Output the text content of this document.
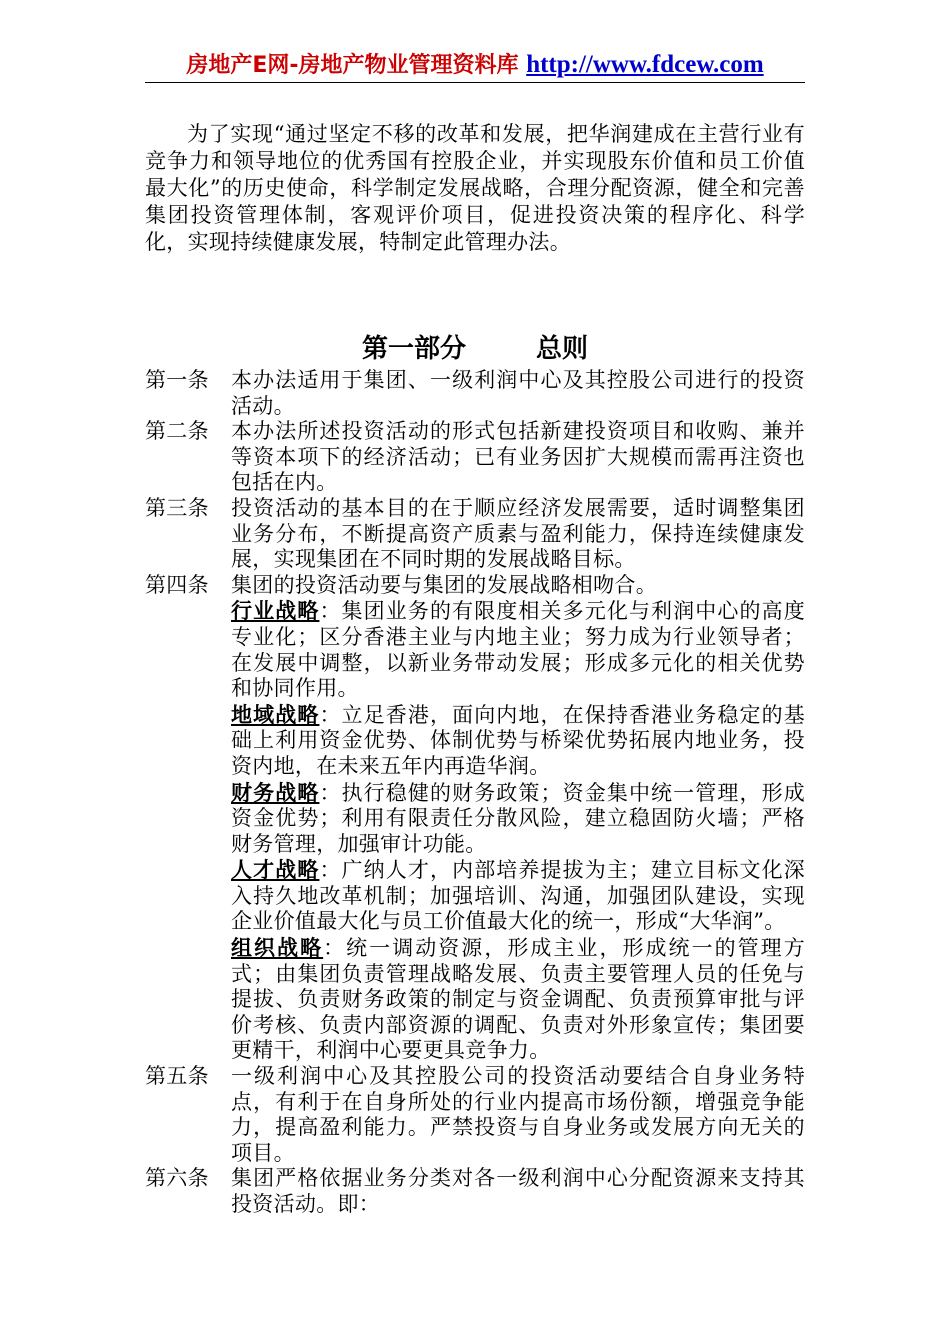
房地产E网-房地产物业管理资料库 http://www.fdcew.com

为了实现“通过坚定不移的改革和发展，把华润建成在主营行业有竞争力和领导地位的优秀国有控股企业，并实现股东价值和员工价值最大化”的历史使命，科学制定发展战略，合理分配资源，健全和完善集团投资管理体制，客观评价项目，促进投资决策的程序化、科学化，实现持续健康发展，特制定此管理办法。

第一部分	总则
第一条	本办法适用于集团、一级利润中心及其控股公司进行的投资活动。
第二条	本办法所述投资活动的形式包括新建投资项目和收购、兼并等资本项下的经济活动；已有业务因扩大规模而需再注资也包括在内。
第三条	投资活动的基本目的在于顺应经济发展需要，适时调整集团业务分布，不断提高资产质素与盈利能力，保持连续健康发展，实现集团在不同时期的发展战略目标。
第四条	集团的投资活动要与集团的发展战略相吻合。
行业战略：集团业务的有限度相关多元化与利润中心的高度专业化；区分香港主业与内地主业；努力成为行业领导者；在发展中调整，以新业务带动发展；形成多元化的相关优势和协同作用。
地域战略：立足香港，面向内地，在保持香港业务稳定的基础上利用资金优势、体制优势与桥梁优势拓展内地业务，投资内地，在未来五年内再造华润。
财务战略：执行稳健的财务政策；资金集中统一管理，形成资金优势；利用有限责任分散风险，建立稳固防火墙；严格财务管理，加强审计功能。
人才战略：广纳人才，内部培养提拔为主；建立目标文化深入持久地改革机制；加强培训、沟通，加强团队建设，实现企业价值最大化与员工价值最大化的统一，形成“大华润”。
组织战略：统一调动资源，形成主业，形成统一的管理方式；由集团负责管理战略发展、负责主要管理人员的任免与提拔、负责财务政策的制定与资金调配、负责预算审批与评价考核、负责内部资源的调配、负责对外形象宣传；集团要更精干，利润中心要更具竞争力。
第五条	一级利润中心及其控股公司的投资活动要结合自身业务特点，有利于在自身所处的行业内提高市场份额，增强竞争能力，提高盈利能力。严禁投资与自身业务或发展方向无关的项目。
第六条	集团严格依据业务分类对各一级利润中心分配资源来支持其投资活动。即：
